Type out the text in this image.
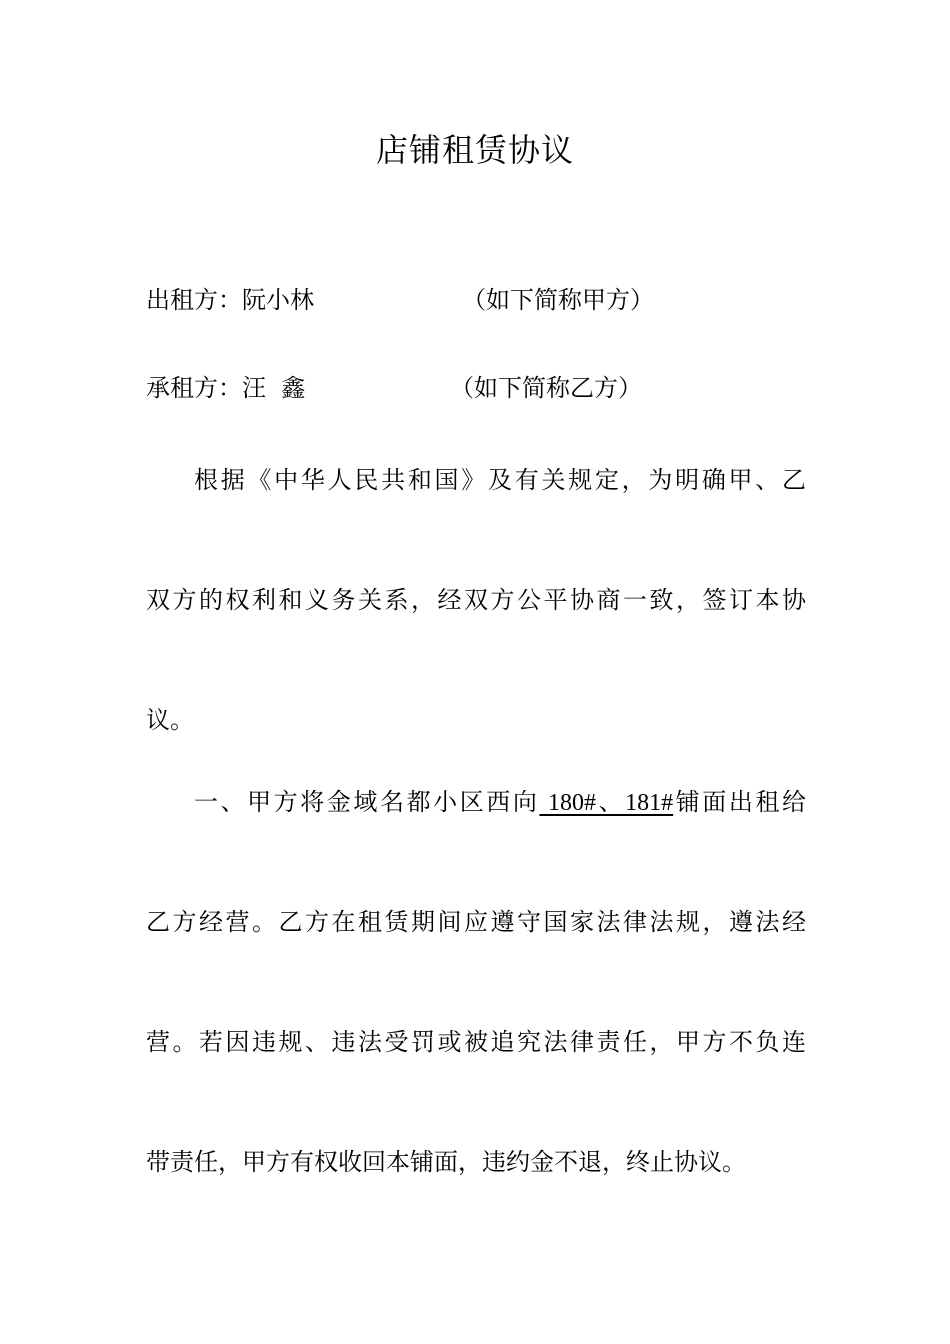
店铺租赁协议
出租方：阮小林	（如下简称甲方）
承租方：汪  鑫	（如下简称乙方）
根据《中华人民共和国》及有关规定，为明确甲、乙
双方的权利和义务关系，经双方公平协商一致，签订本协
议。
一、甲方将金域名都小区西向 180#、181#铺面出租给
乙方经营。乙方在租赁期间应遵守国家法律法规，遵法经
营。若因违规、违法受罚或被追究法律责任，甲方不负连
带责任，甲方有权收回本铺面，违约金不退，终止协议。
